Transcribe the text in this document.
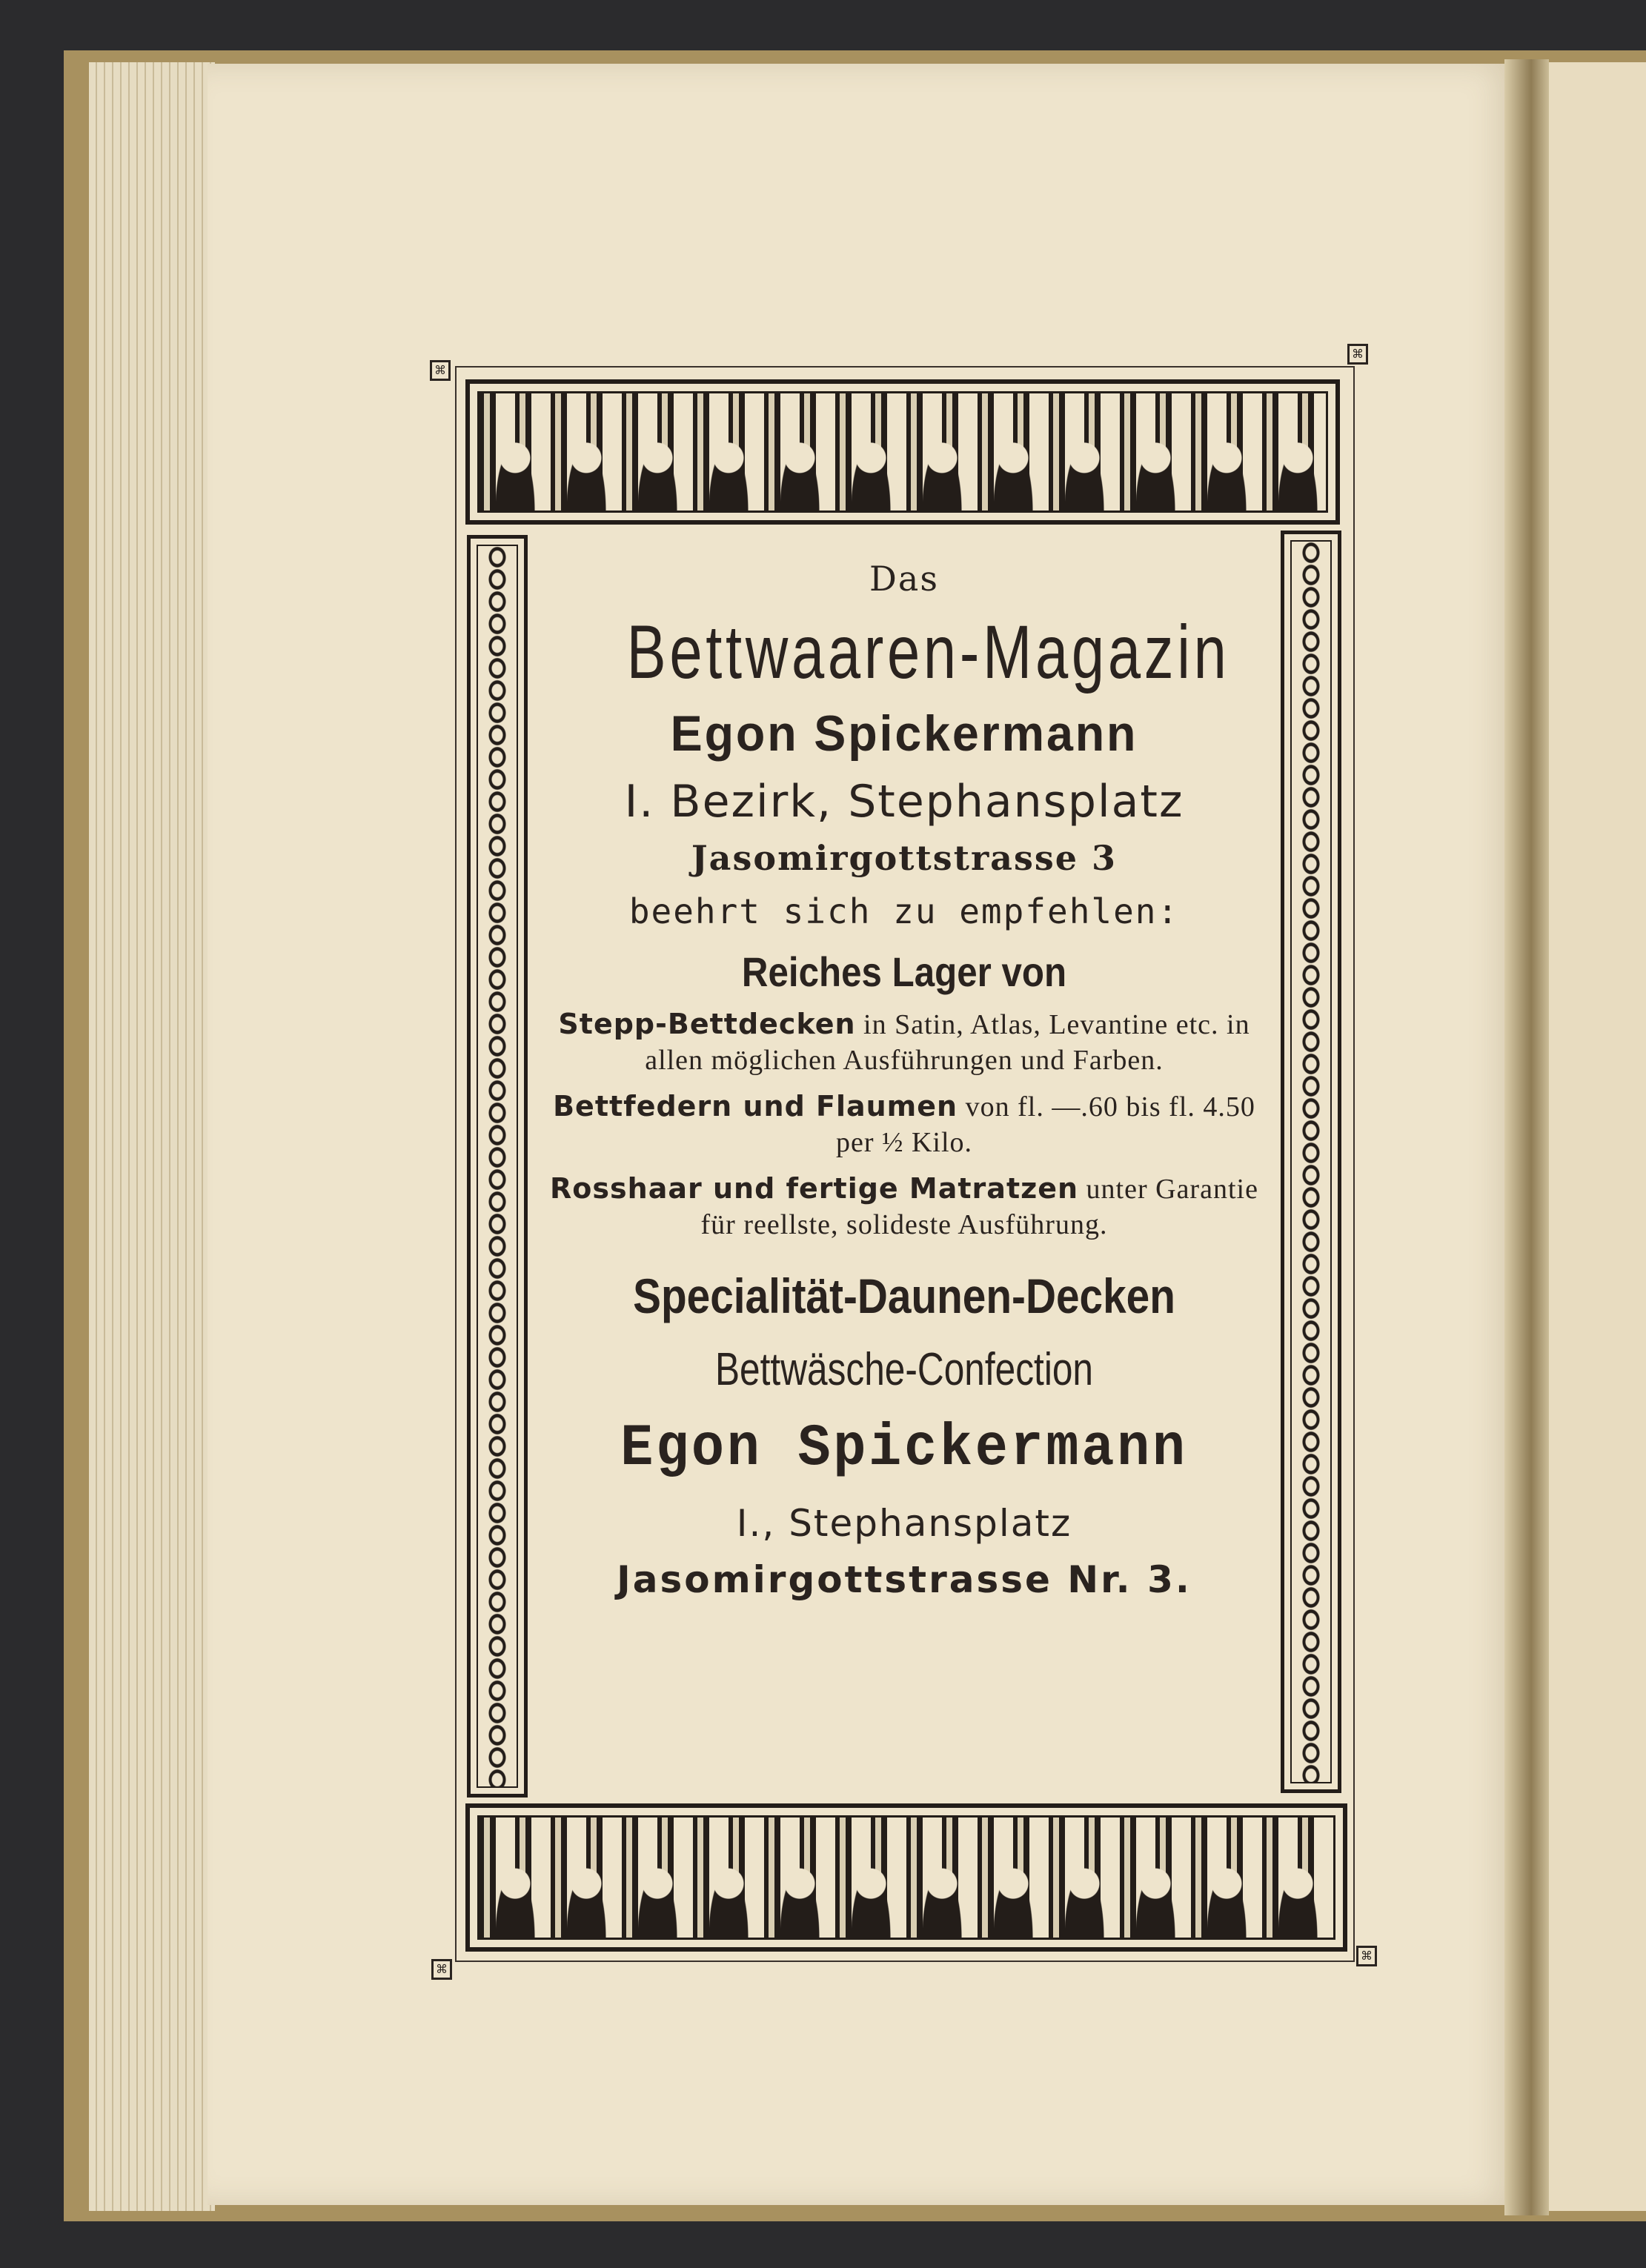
⌘
⌘
⌘
⌘
Das
Bettwaaren-Magazin
Egon Spickermann
I. Bezirk, Stephansplatz
Jasomirgottstrasse 3
beehrt sich zu empfehlen:
Reiches Lager von
Stepp-Bettdecken in Satin, Atlas, Levantine etc. in allen möglichen Ausführungen und Farben.
Bettfedern und Flaumen von fl. —.60 bis fl. 4.50 per ½ Kilo.
Rosshaar und fertige Matratzen unter Garantie für reellste, solideste Ausführung.
Specialität-Daunen-Decken
Bettwäsche-Confection
Egon Spickermann
I., Stephansplatz
Jasomirgottstrasse Nr. 3.
